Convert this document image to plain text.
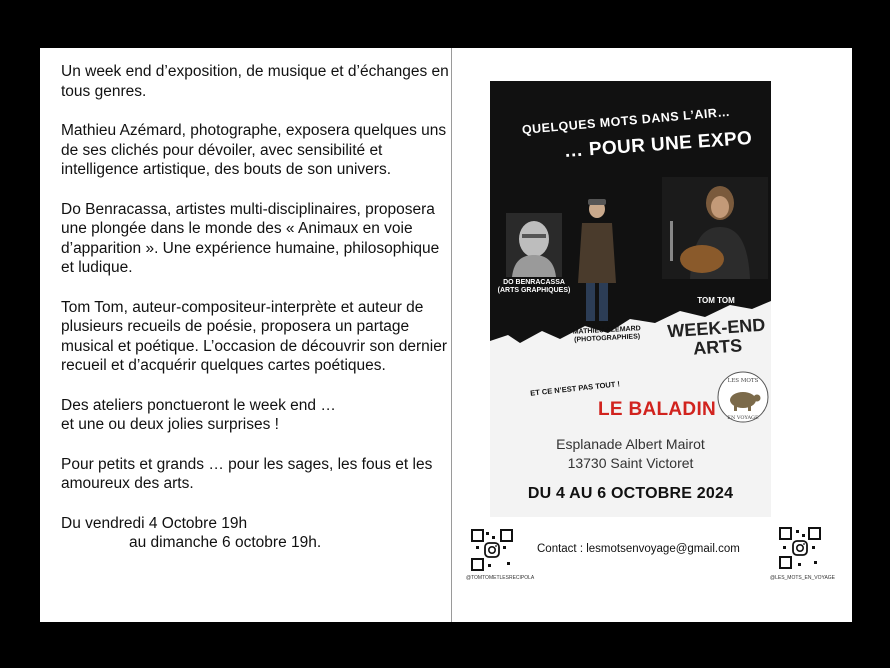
Un week end d’exposition, de musique et d’échanges en tous genres.

Mathieu Azémard, photographe, exposera quelques uns de ses clichés pour dévoiler, avec sensibilité et intelligence artistique, des bouts de son univers.

Do Benracassa, artistes multi-disciplinaires, proposera une plongée dans le monde des « Animaux en voie d’apparition ». Une expérience humaine, philosophique et ludique.

Tom Tom, auteur-compositeur-interprète et auteur de plusieurs recueils de poésie, proposera un partage musical et poétique. L’occasion de découvrir son dernier recueil et d’acquérir quelques cartes poétiques.

Des ateliers ponctueront le week end …
et une ou deux jolies surprises !

Pour petits et grands … pour les sages, les fous et les amoureux des arts.

Du vendredi 4 Octobre 19h

au dimanche 6 octobre 19h.

QUELQUES MOTS DANS L’AIR…
… POUR UNE EXPO
DO BENRACASSA
(ARTS GRAPHIQUES)
MATHIEU AZEMARD
(PHOTOGRAPHIES)
TOM TOM
WEEK-END
ARTS
ET CE N’EST PAS TOUT !
LE BALADIN
LES MOTS
EN VOYAGE
Esplanade Albert Mairot
13730 Saint Victoret
DU 4 AU 6 OCTOBRE 2024
@TOMTOMETLESRECIPOLA
Contact : lesmotsenvoyage@gmail.com
@LES_MOTS_EN_VOYAGE
